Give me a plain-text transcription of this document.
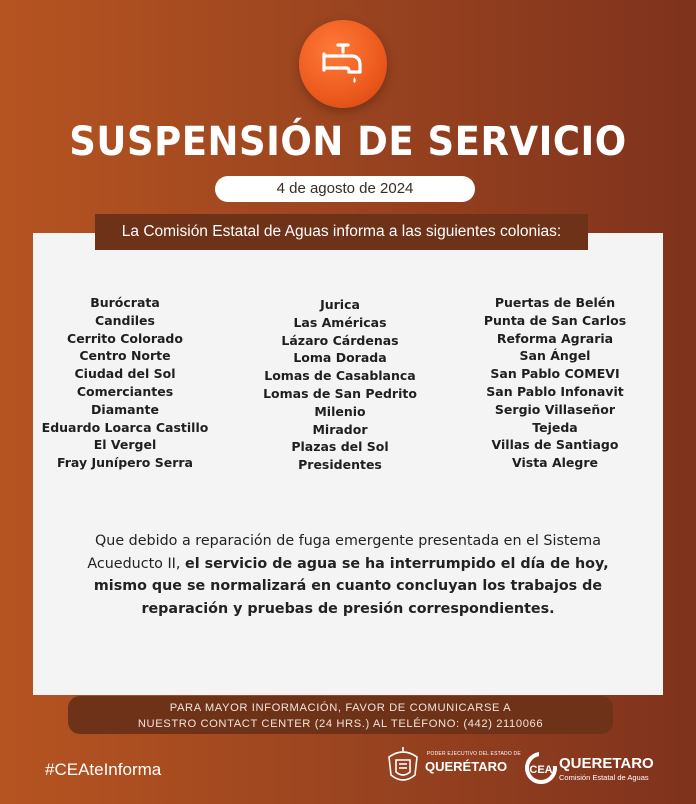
SUSPENSIÓN DE SERVICIO
4 de agosto de 2024
La Comisión Estatal de Aguas informa a las siguientes colonias:
Burócrata
Candiles
Cerrito Colorado
Centro Norte
Ciudad del Sol
Comerciantes
Diamante
Eduardo Loarca Castillo
El Vergel
Fray Junípero Serra
Jurica
Las Américas
Lázaro Cárdenas
Loma Dorada
Lomas de Casablanca
Lomas de San Pedrito
Milenio
Mirador
Plazas del Sol
Presidentes
Puertas de Belén
Punta de San Carlos
Reforma Agraria
San Ángel
San Pablo COMEVI
San Pablo Infonavit
Sergio Villaseñor
Tejeda
Villas de Santiago
Vista Alegre
Que debido a reparación de fuga emergente presentada en el Sistema Acueducto II, el servicio de agua se ha interrumpido el día de hoy, mismo que se normalizará en cuanto concluyan los trabajos de reparación y pruebas de presión correspondientes.
PARA MAYOR INFORMACIÓN, FAVOR DE COMUNICARSE A
NUESTRO CONTACT CENTER (24 HRS.) AL TELÉFONO: (442) 2110066
#CEAteInforma
PODER EJECUTIVO DEL ESTADO DE
QUERÉTARO CEA QUERETARO
Comisión Estatal de Aguas
